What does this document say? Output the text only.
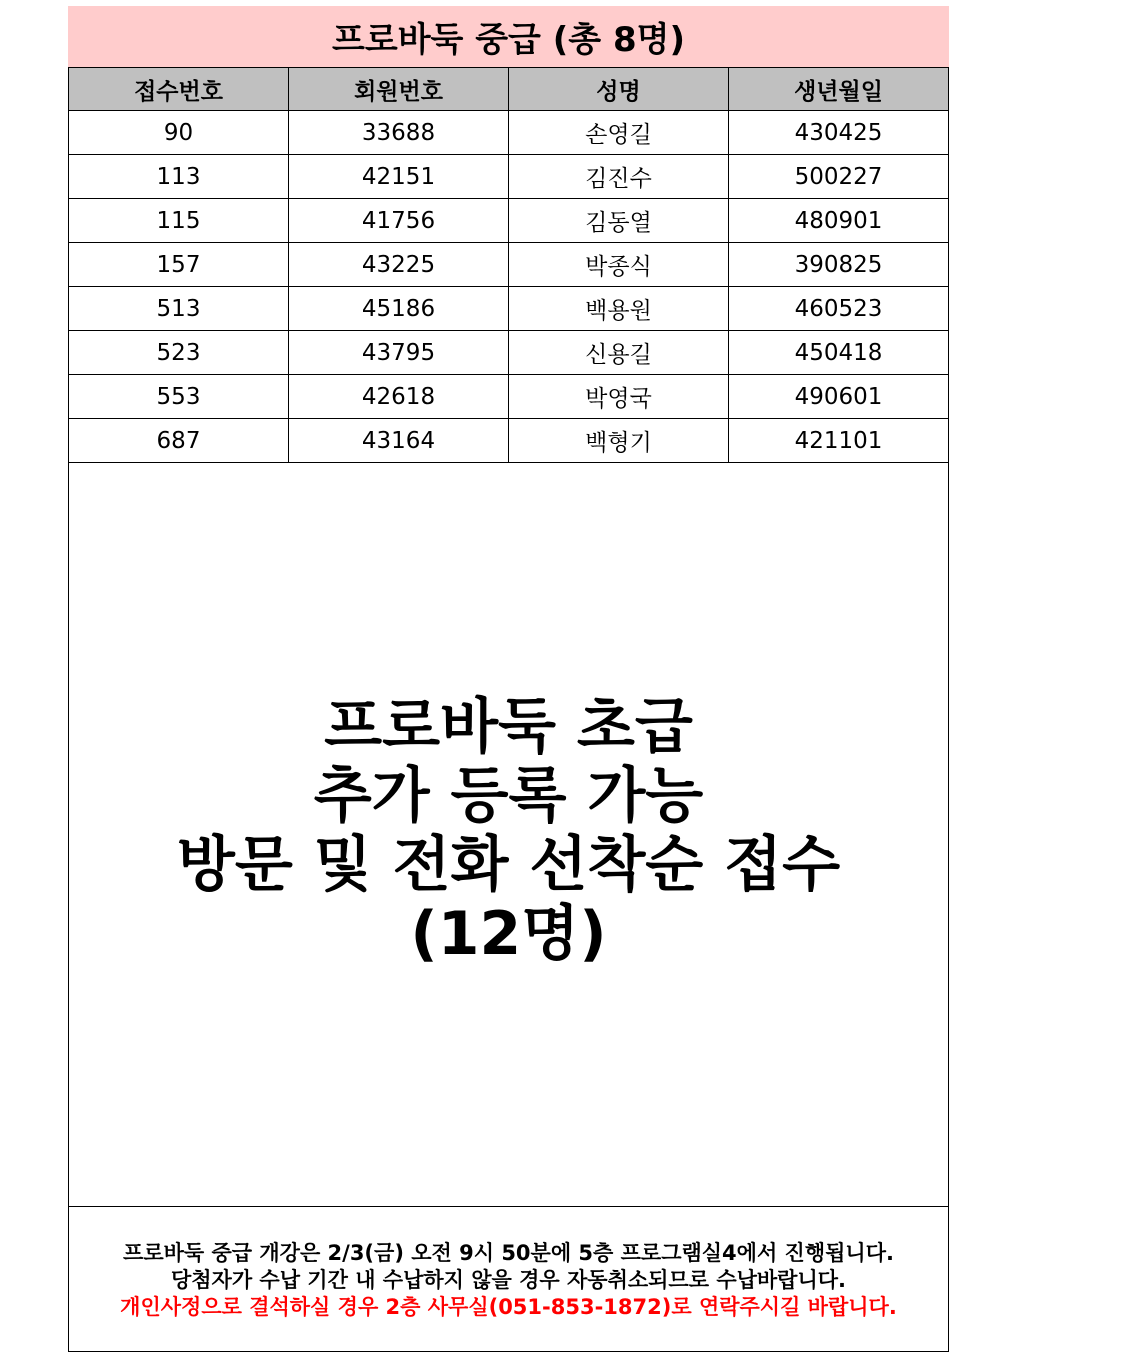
프로바둑 중급 (총 8명)
접수번호	회원번호	성명	생년월일
90	33688	손영길	430425
113	42151	김진수	500227
115	41756	김동열	480901
157	43225	박종식	390825
513	45186	백용원	460523
523	43795	신용길	450418
553	42618	박영국	490601
687	43164	백형기	421101
프로바둑 초급
추가 등록 가능
방문 및 전화 선착순 접수
(12명)
프로바둑 중급 개강은 2/3(금) 오전 9시 50분에 5층 프로그램실4에서 진행됩니다.
당첨자가 수납 기간 내 수납하지 않을 경우 자동취소되므로 수납바랍니다.
개인사정으로 결석하실 경우 2층 사무실(051-853-1872)로 연락주시길 바랍니다.
